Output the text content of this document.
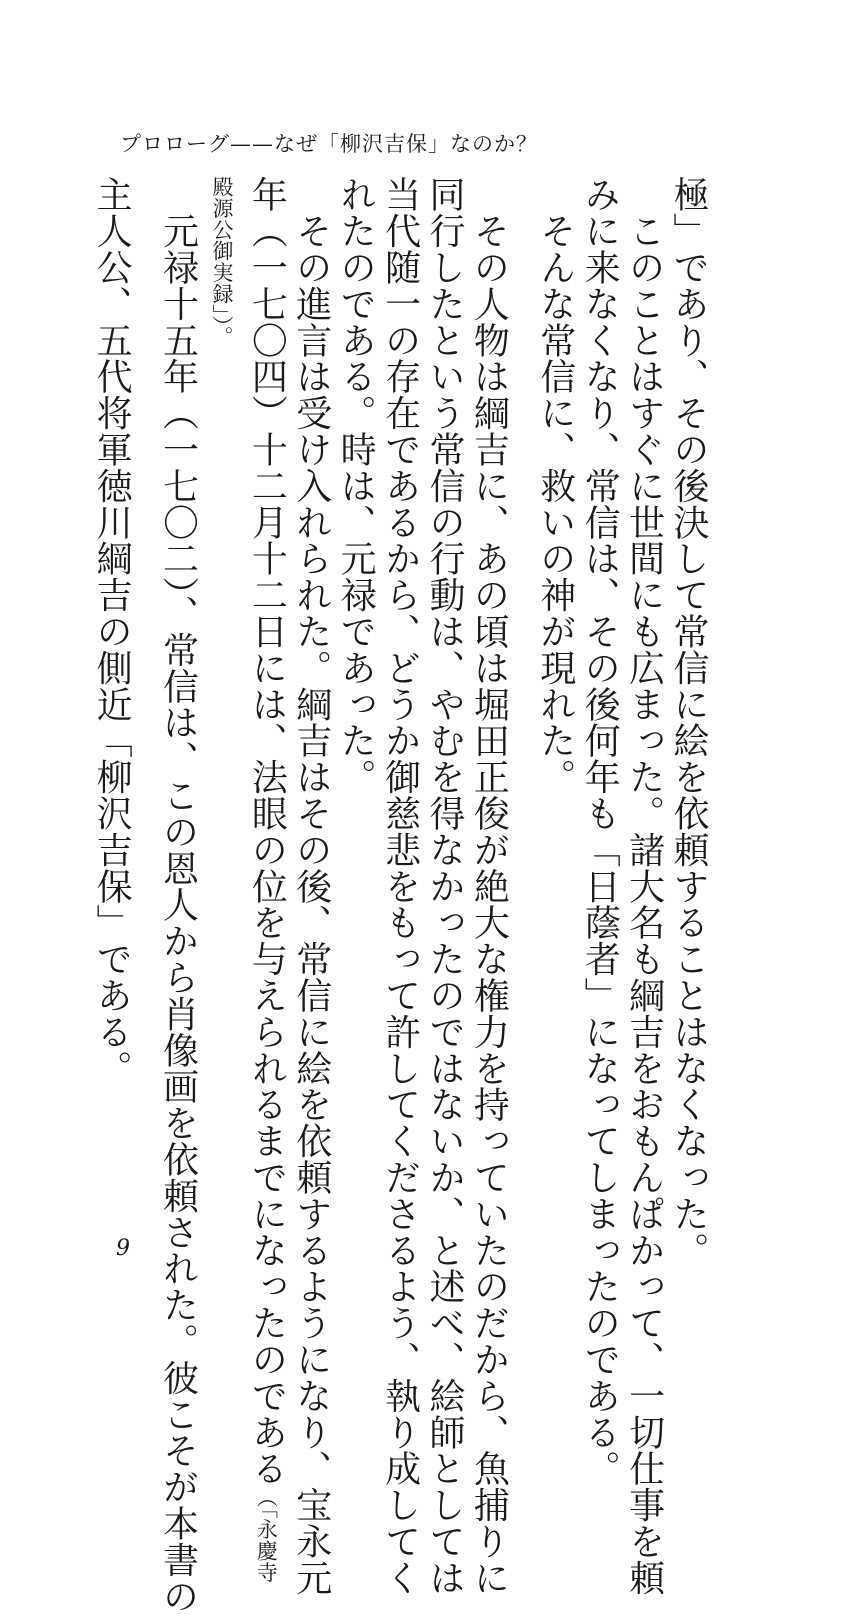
プロローグ——なぜ「柳沢吉保」なのか？
極」であり、その後決して常信に絵を依頼することはなくなった。
　このことはすぐに世間にも広まった。諸大名も綱吉をおもんぱかって、一切仕事を頼
みに来なくなり、常信は、その後何年も「日蔭者」になってしまったのである。
　そんな常信に、救いの神が現れた。
　その人物は綱吉に、あの頃は堀田正俊が絶大な権力を持っていたのだから、魚捕りに
同行したという常信の行動は、やむを得なかったのではないか、と述べ、絵師としては
当代随一の存在であるから、どうか御慈悲をもって許してくださるよう、執り成してく
れたのである。時は、元禄であった。
　その進言は受け入れられた。綱吉はその後、常信に絵を依頼するようになり、宝永元
年（一七〇四）十二月十二日には、法眼の位を与えられるまでになったのである（「永慶寺
殿源公御実録」）。
　元禄十五年（一七〇二）、常信は、この恩人から肖像画を依頼された。彼こそが本書の
主人公、五代将軍徳川綱吉の側近「柳沢吉保」である。
9
